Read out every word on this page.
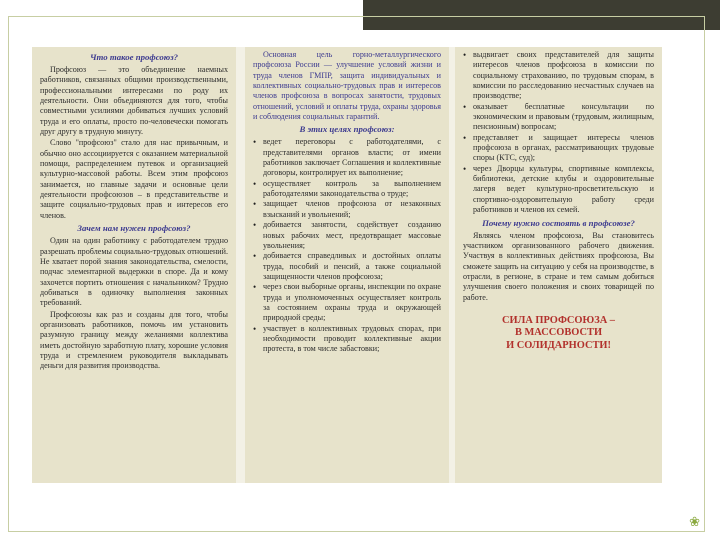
❀
Что такое профсоюз?

Профсоюз — это объединение наемных работников, связанных общими производственными, профессиональными интересами по роду их деятельности. Они объединяются для того, чтобы совместными усилиями добиваться лучших условий труда и его оплаты, просто по-человечески помогать друг другу в трудную минуту.

Слово "профсоюз" стало для нас привычным, и обычно оно ассоциируется с оказанием материальной помощи, распределением путевок и организацией культурно-массовой работы. Всем этим профсоюз занимается, но главные задачи и основные цели деятельности профсоюзов – в представительстве и защите социально-трудовых прав и интересов его членов.

Зачем нам нужен профсоюз?

Один на один работнику с работодателем трудно разрешать проблемы социально-трудовых отношений. Не хватает порой знания законодательства, смелости, подчас элементарной выдержки в споре. Да и кому захочется портить отношения с начальником? Трудно добиваться в одиночку выполнения законных требований.

Профсоюзы как раз и созданы для того, чтобы организовать работников, помочь им установить разумную границу между желаниями коллектива иметь достойную заработную плату, хорошие условия труда и стремлением руководителя выкладывать деньги для развития производства.

Основная цель горно-металлургического профсоюза России — улучшение условий жизни и труда членов ГМПР, защита индивидуальных и коллективных социально-трудовых прав и интересов членов профсоюза в вопросах занятости, трудовых отношений, условий и оплаты труда, охраны здоровья и соблюдения социальных гарантий.

В этих целях профсоюз:
• ведет переговоры с работодателями, с представителями органов власти; от имени работников заключает Соглашения и коллективные договоры, контролирует их выполнение;
• осуществляет контроль за выполнением работодателями законодательства о труде;
• защищает членов профсоюза от незаконных взысканий и увольнений;
• добивается занятости, содействует созданию новых рабочих мест, предотвращает массовые увольнения;
• добивается справедливых и достойных оплаты труда, пособий и пенсий, а также социальной защищенности членов профсоюза;
• через свои выборные органы, инспекции по охране труда и уполномоченных осуществляет контроль за состоянием охраны труда и окружающей природной среды;
• участвует в коллективных трудовых спорах, при необходимости проводит коллективные акции протеста, в том числе забастовки;
• выдвигает своих представителей для защиты интересов членов профсоюза в комиссии по социальному страхованию, по трудовым спорам, в комиссии по расследованию несчастных случаев на производстве;
• оказывает бесплатные консультации по экономическим и правовым (трудовым, жилищным, пенсионным) вопросам;
• представляет и защищает интересы членов профсоюза в органах, рассматривающих трудовые споры (КТС, суд);
• через Дворцы культуры, спортивные комплексы, библиотеки, детские клубы и оздоровительные лагеря ведет культурно-просветительскую и спортивно-оздоровительную работу среди работников и членов их семей.
Почему нужно состоять в профсоюзе?

Являясь членом профсоюза, Вы становитесь участником организованного рабочего движения. Участвуя в коллективных действиях профсоюза, Вы сможете защить на ситуацию у себя на производстве, в отрасли, в регионе, в стране и тем самым добиться улучшения своего положения и своих товарищей по работе.

СИЛА ПРОФСОЮЗА –
В МАССОВОСТИ
И СОЛИДАРНОСТИ!
